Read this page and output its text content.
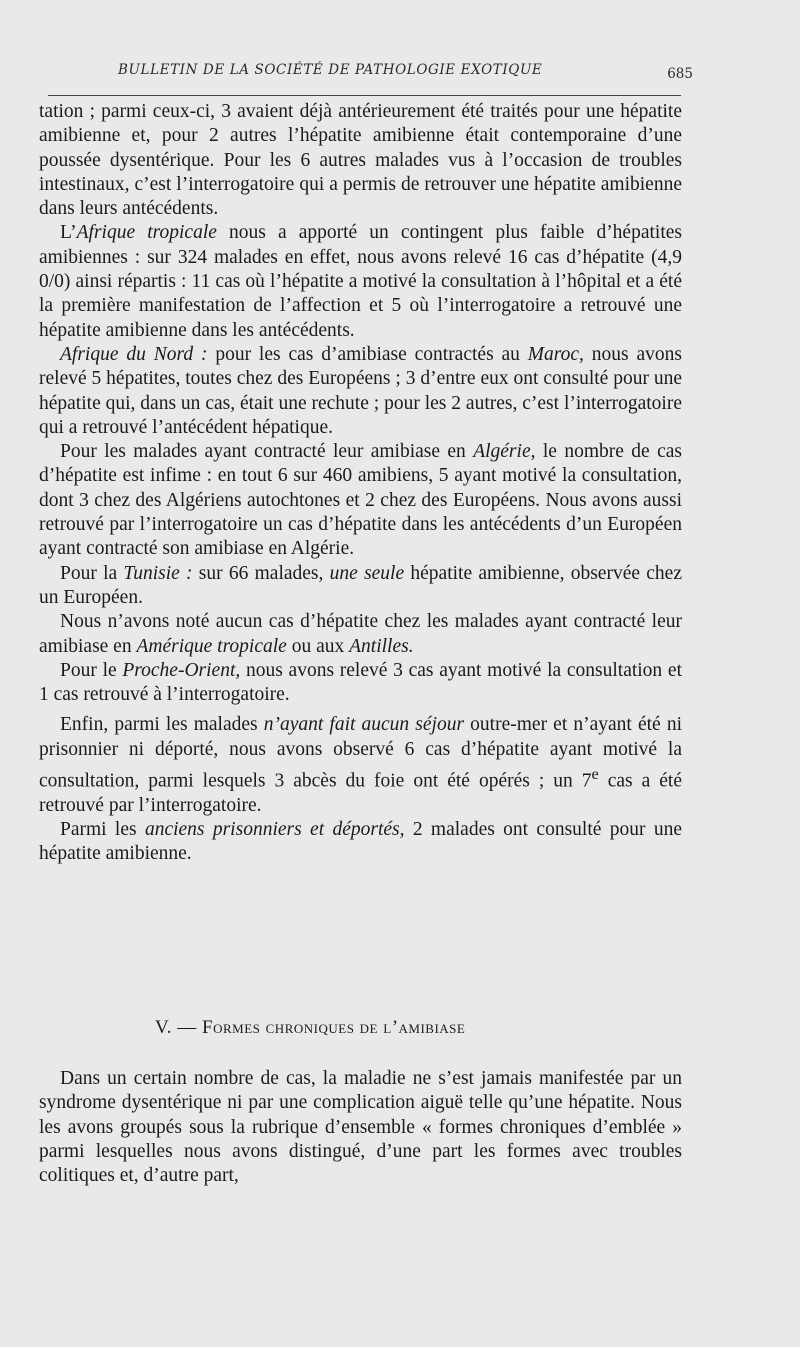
BULLETIN DE LA SOCIÉTÉ DE PATHOLOGIE EXOTIQUE	685

tation ; parmi ceux-ci, 3 avaient déjà antérieurement été traités pour une hépatite amibienne et, pour 2 autres l’hépatite amibienne était contemporaine d’une poussée dysentérique. Pour les 6 autres malades vus à l’occasion de troubles intestinaux, c’est l’interrogatoire qui a permis de retrouver une hépatite amibienne dans leurs antécédents.

L’Afrique tropicale nous a apporté un contingent plus faible d’hépatites amibiennes : sur 324 malades en effet, nous avons relevé 16 cas d’hépatite (4,9 0/0) ainsi répartis : 11 cas où l’hépatite a motivé la consultation à l’hôpital et a été la première manifestation de l’affection et 5 où l’interrogatoire a retrouvé une hépatite amibienne dans les antécédents.

Afrique du Nord : pour les cas d’amibiase contractés au Maroc, nous avons relevé 5 hépatites, toutes chez des Européens ; 3 d’entre eux ont consulté pour une hépatite qui, dans un cas, était une rechute ; pour les 2 autres, c’est l’interrogatoire qui a retrouvé l’antécédent hépatique.

Pour les malades ayant contracté leur amibiase en Algérie, le nombre de cas d’hépatite est infime : en tout 6 sur 460 amibiens, 5 ayant motivé la consultation, dont 3 chez des Algériens autochtones et 2 chez des Européens. Nous avons aussi retrouvé par l’interrogatoire un cas d’hépatite dans les antécédents d’un Européen ayant contracté son amibiase en Algérie.

Pour la Tunisie : sur 66 malades, une seule hépatite amibienne, observée chez un Européen.

Nous n’avons noté aucun cas d’hépatite chez les malades ayant contracté leur amibiase en Amérique tropicale ou aux Antilles.

Pour le Proche-Orient, nous avons relevé 3 cas ayant motivé la consultation et 1 cas retrouvé à l’interrogatoire.

Enfin, parmi les malades n’ayant fait aucun séjour outre-mer et n’ayant été ni prisonnier ni déporté, nous avons observé 6 cas d’hépatite ayant motivé la consultation, parmi lesquels 3 abcès du foie ont été opérés ; un 7e cas a été retrouvé par l’interrogatoire.

Parmi les anciens prisonniers et déportés, 2 malades ont consulté pour une hépatite amibienne.

V. — Formes chroniques de l’amibiase

Dans un certain nombre de cas, la maladie ne s’est jamais manifestée par un syndrome dysentérique ni par une complication aiguë telle qu’une hépatite. Nous les avons groupés sous la rubrique d’ensemble « formes chroniques d’emblée » parmi lesquelles nous avons distingué, d’une part les formes avec troubles colitiques et, d’autre part,
